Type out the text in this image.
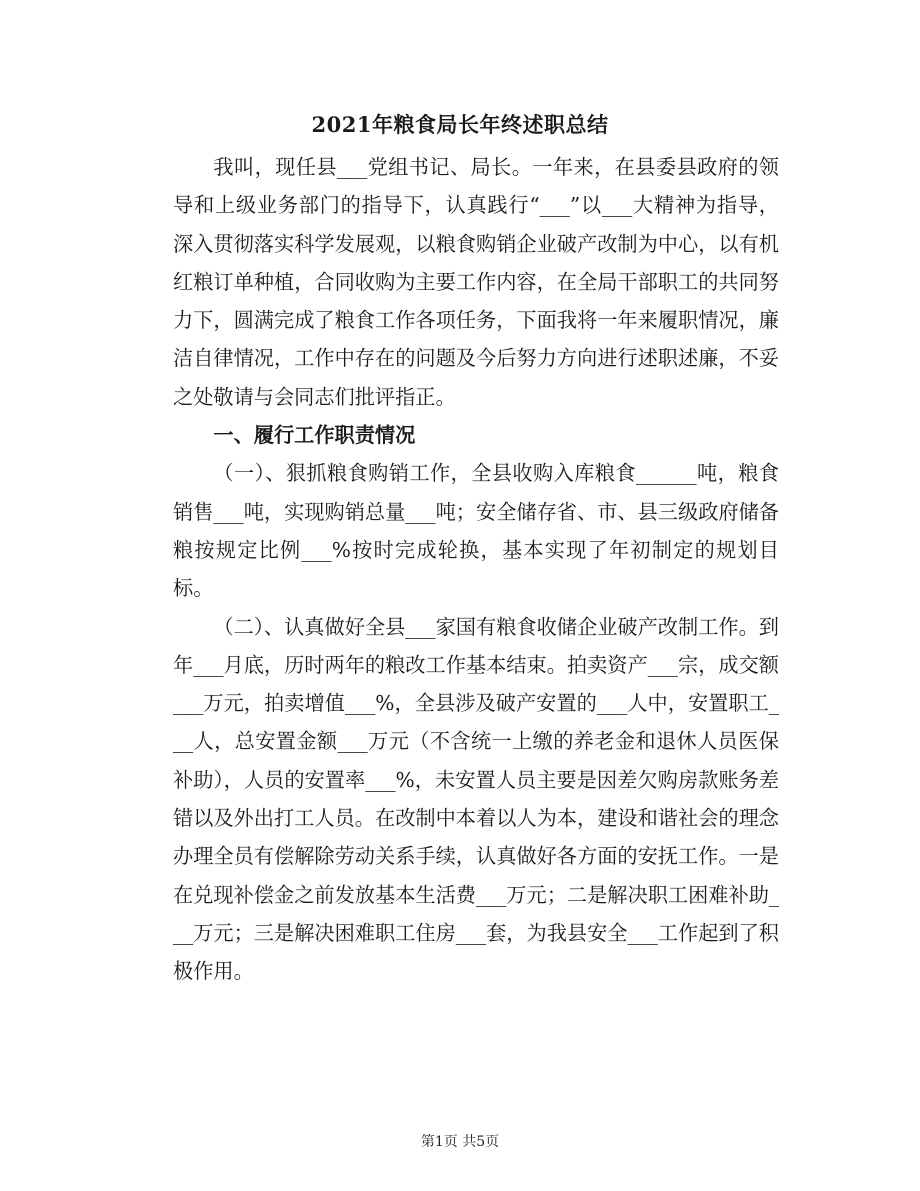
2021年粮食局长年终述职总结

我叫，现任县___党组书记、局长。一年来，在县委县政府的领导和上级业务部门的指导下，认真践行“___”以___大精神为指导，深入贯彻落实科学发展观，以粮食购销企业破产改制为中心，以有机红粮订单种植，合同收购为主要工作内容，在全局干部职工的共同努力下，圆满完成了粮食工作各项任务，下面我将一年来履职情况，廉洁自律情况，工作中存在的问题及今后努力方向进行述职述廉，不妥之处敬请与会同志们批评指正。

一、履行工作职责情况

（一）、狠抓粮食购销工作，全县收购入库粮食______吨，粮食销售___吨，实现购销总量___吨；安全储存省、市、县三级政府储备粮按规定比例___%按时完成轮换，基本实现了年初制定的规划目标。

（二）、认真做好全县___家国有粮食收储企业破产改制工作。到年___月底，历时两年的粮改工作基本结束。拍卖资产___宗，成交额___万元，拍卖增值___%，全县涉及破产安置的___人中，安置职工___人，总安置金额___万元（不含统一上缴的养老金和退休人员医保补助），人员的安置率___%，未安置人员主要是因差欠购房款账务差错以及外出打工人员。在改制中本着以人为本，建设和谐社会的理念办理全员有偿解除劳动关系手续，认真做好各方面的安抚工作。一是在兑现补偿金之前发放基本生活费___万元；二是解决职工困难补助___万元；三是解决困难职工住房___套，为我县安全___工作起到了积极作用。

第1页 共5页
